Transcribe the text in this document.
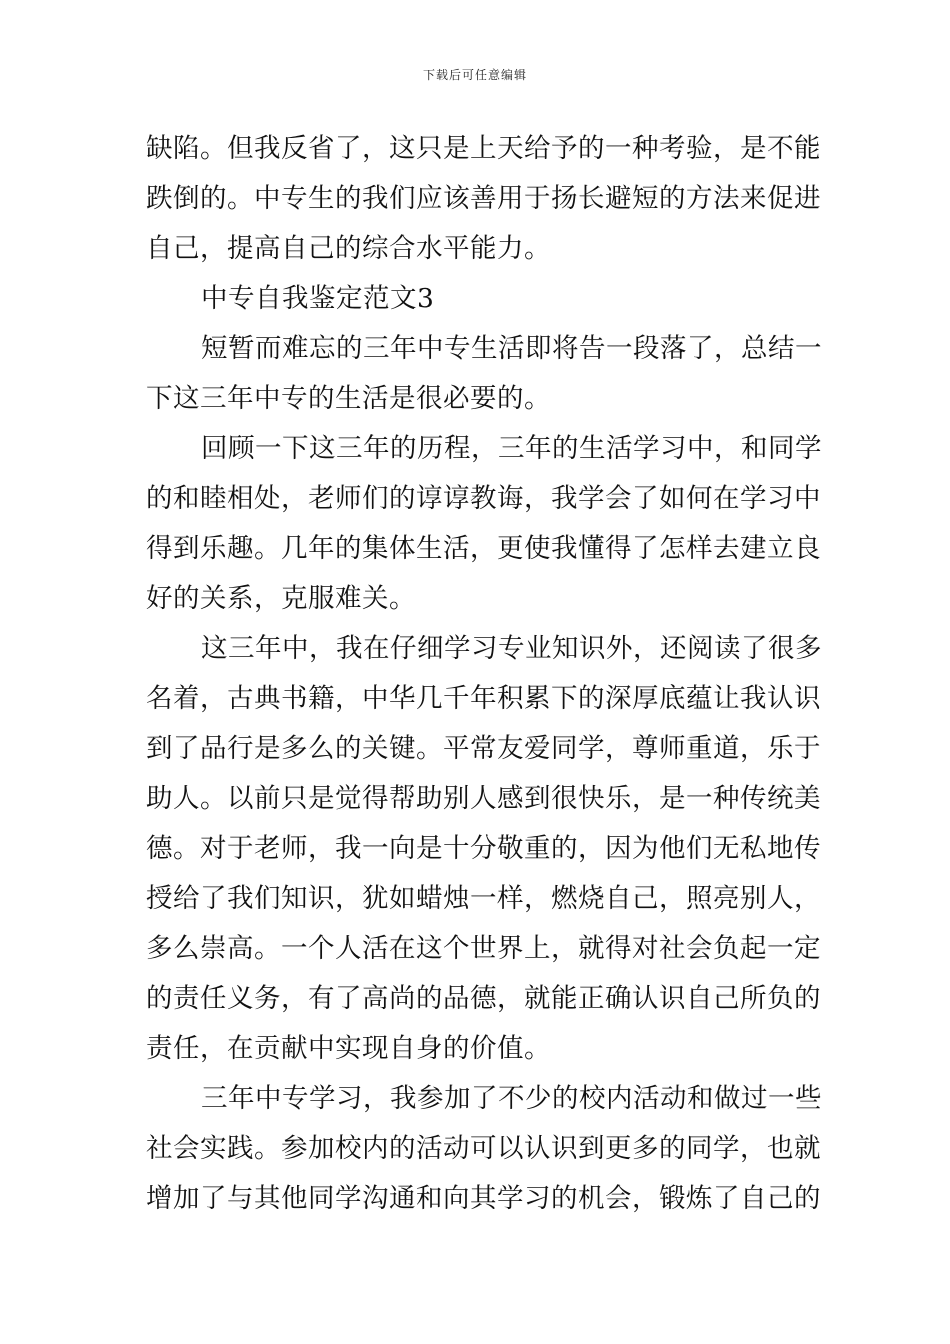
下载后可任意编辑
缺陷。但我反省了，这只是上天给予的一种考验，是不能
跌倒的。中专生的我们应该善用于扬长避短的方法来促进
自己，提高自己的综合水平能力。
中专自我鉴定范文3
短暂而难忘的三年中专生活即将告一段落了，总结一
下这三年中专的生活是很必要的。
回顾一下这三年的历程，三年的生活学习中，和同学
的和睦相处，老师们的谆谆教诲，我学会了如何在学习中
得到乐趣。几年的集体生活，更使我懂得了怎样去建立良
好的关系，克服难关。
这三年中，我在仔细学习专业知识外，还阅读了很多
名着，古典书籍，中华几千年积累下的深厚底蕴让我认识
到了品行是多么的关键。平常友爱同学，尊师重道，乐于
助人。以前只是觉得帮助别人感到很快乐，是一种传统美
德。对于老师，我一向是十分敬重的，因为他们无私地传
授给了我们知识，犹如蜡烛一样，燃烧自己，照亮别人，
多么崇高。一个人活在这个世界上，就得对社会负起一定
的责任义务，有了高尚的品德，就能正确认识自己所负的
责任，在贡献中实现自身的价值。
三年中专学习，我参加了不少的校内活动和做过一些
社会实践。参加校内的活动可以认识到更多的同学，也就
增加了与其他同学沟通和向其学习的机会，锻炼了自己的
